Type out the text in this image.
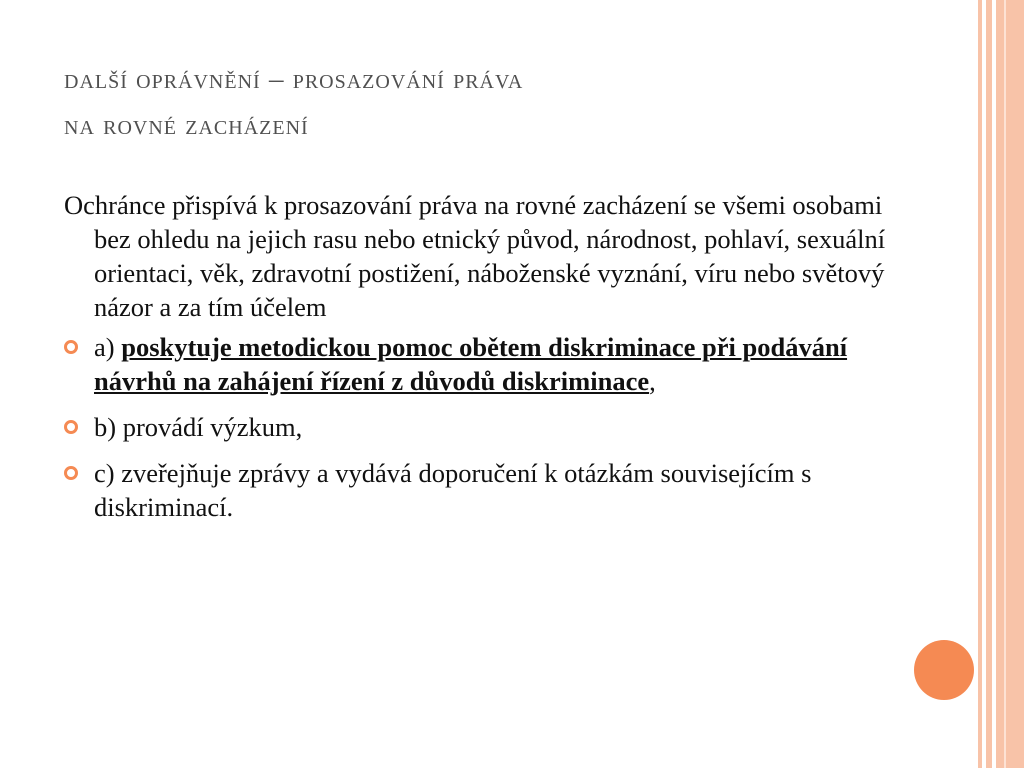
další oprávnění – prosazování práva
na rovné zacházení

Ochránce přispívá k prosazování práva na rovné zacházení se všemi osobami bez ohledu na jejich rasu nebo etnický původ, národnost, pohlaví, sexuální orientaci, věk, zdravotní postižení, náboženské vyznání, víru nebo světový názor a za tím účelem

a) poskytuje metodickou pomoc obětem diskriminace při podávání návrhů na zahájení řízení z důvodů diskriminace,
b) provádí výzkum,
c) zveřejňuje zprávy a vydává doporučení k otázkám souvisejícím s diskriminací.
